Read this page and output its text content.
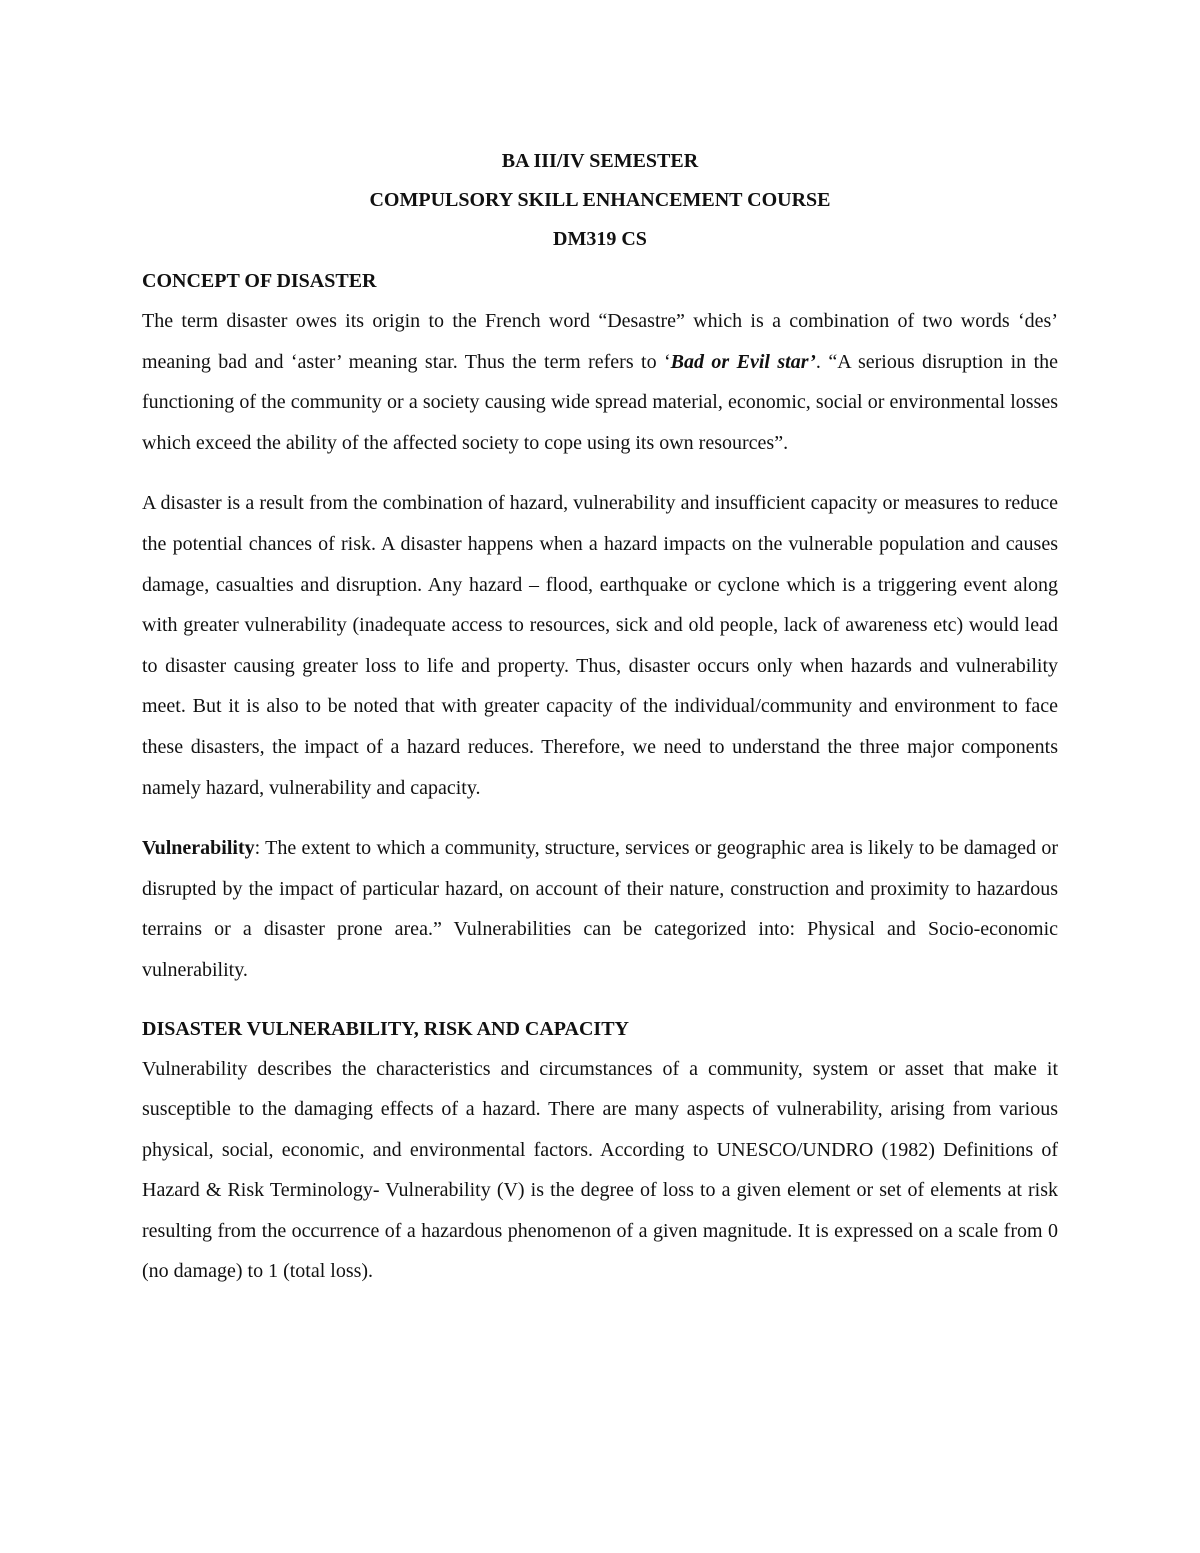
BA III/IV SEMESTER

COMPULSORY SKILL ENHANCEMENT COURSE

DM319 CS

CONCEPT OF DISASTER

The term disaster owes its origin to the French word “Desastre” which is a combination of two words ‘des’ meaning bad and ‘aster’ meaning star. Thus the term refers to ‘Bad or Evil star’. “A serious disruption in the functioning of the community or a society causing wide spread material, economic, social or environmental losses which exceed the ability of the affected society to cope using its own resources”.

A disaster is a result from the combination of hazard, vulnerability and insufficient capacity or measures to reduce the potential chances of risk. A disaster happens when a hazard impacts on the vulnerable population and causes damage, casualties and disruption. Any hazard – flood, earthquake or cyclone which is a triggering event along with greater vulnerability (inadequate access to resources, sick and old people, lack of awareness etc) would lead to disaster causing greater loss to life and property. Thus, disaster occurs only when hazards and vulnerability meet. But it is also to be noted that with greater capacity of the individual/community and environment to face these disasters, the impact of a hazard reduces. Therefore, we need to understand the three major components namely hazard, vulnerability and capacity.

Vulnerability: The extent to which a community, structure, services or geographic area is likely to be damaged or disrupted by the impact of particular hazard, on account of their nature, construction and proximity to hazardous terrains or a disaster prone area.” Vulnerabilities can be categorized into: Physical and Socio-economic vulnerability.

DISASTER VULNERABILITY, RISK AND CAPACITY

Vulnerability describes the characteristics and circumstances of a community, system or asset that make it susceptible to the damaging effects of a hazard. There are many aspects of vulnerability, arising from various physical, social, economic, and environmental factors. According to UNESCO/UNDRO (1982) Definitions of Hazard & Risk Terminology- Vulnerability (V) is the degree of loss to a given element or set of elements at risk resulting from the occurrence of a hazardous phenomenon of a given magnitude. It is expressed on a scale from 0 (no damage) to 1 (total loss).
